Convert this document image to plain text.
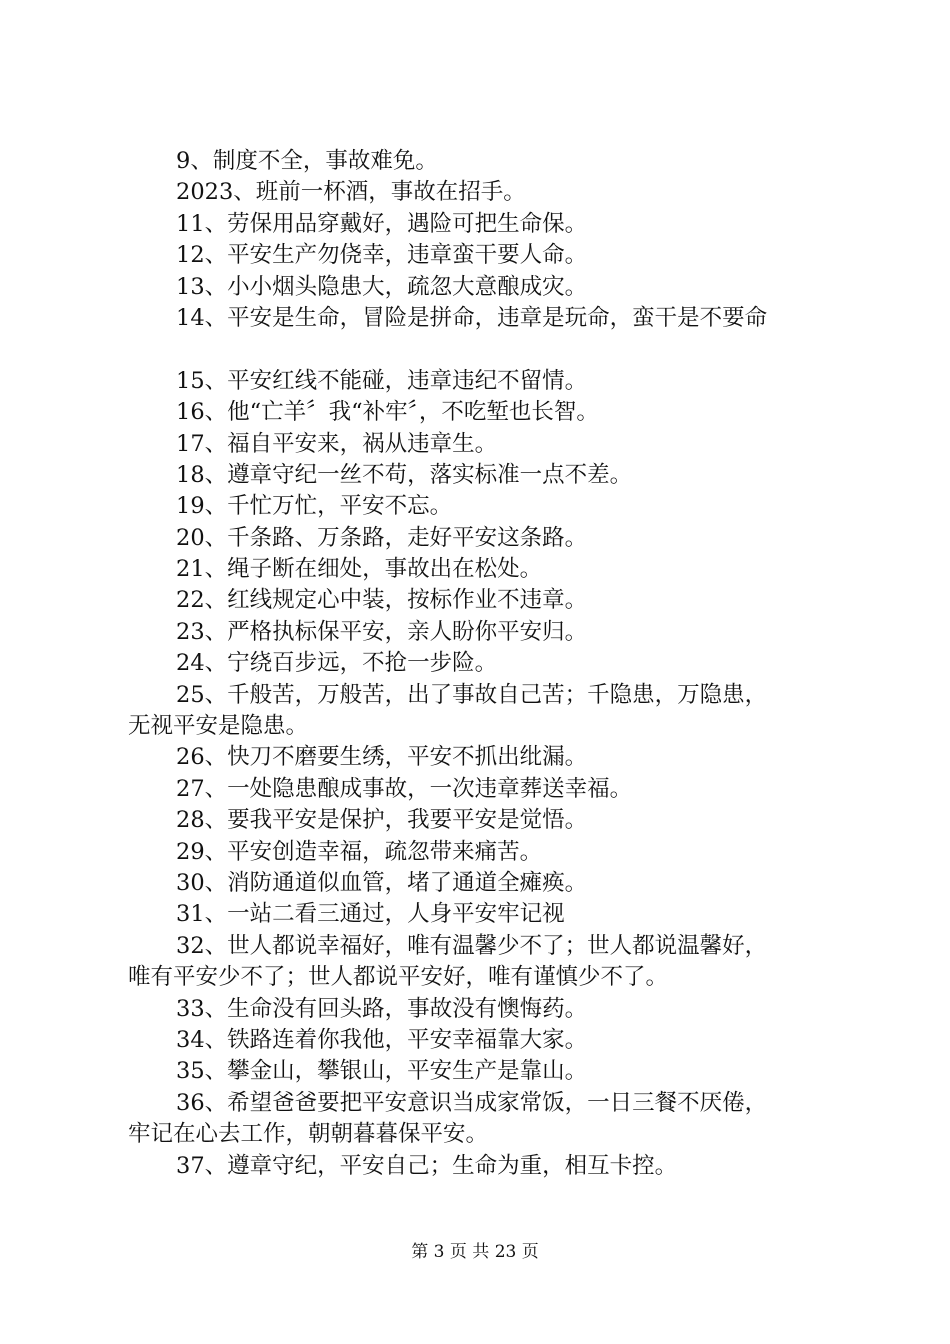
9、制度不全，事故难免。
2023、班前一杯酒，事故在招手。
11、劳保用品穿戴好，遇险可把生命保。
12、平安生产勿侥幸，违章蛮干要人命。
13、小小烟头隐患大，疏忽大意酿成灾。
14、平安是生命，冒险是拼命，违章是玩命，蛮干是不要命
15、平安红线不能碰，违章违纪不留情。
16、他“亡羊〞我“补牢〞，不吃堑也长智。
17、福自平安来，祸从违章生。
18、遵章守纪一丝不苟，落实标准一点不差。
19、千忙万忙，平安不忘。
20、千条路、万条路，走好平安这条路。
21、绳子断在细处，事故出在松处。
22、红线规定心中装，按标作业不违章。
23、严格执标保平安，亲人盼你平安归。
24、宁绕百步远，不抢一步险。
25、千般苦，万般苦，出了事故自己苦；千隐患，万隐患，
无视平安是隐患。
26、快刀不磨要生绣，平安不抓出纰漏。
27、一处隐患酿成事故，一次违章葬送幸福。
28、要我平安是保护，我要平安是觉悟。
29、平安创造幸福，疏忽带来痛苦。
30、消防通道似血管，堵了通道全瘫痪。
31、一站二看三通过，人身平安牢记视
32、世人都说幸福好，唯有温馨少不了；世人都说温馨好，
唯有平安少不了；世人都说平安好，唯有谨慎少不了。
33、生命没有回头路，事故没有懊悔药。
34、铁路连着你我他，平安幸福靠大家。
35、攀金山，攀银山，平安生产是靠山。
36、希望爸爸要把平安意识当成家常饭，一日三餐不厌倦，
牢记在心去工作，朝朝暮暮保平安。
37、遵章守纪，平安自己；生命为重，相互卡控。
第 3 页 共 23 页
